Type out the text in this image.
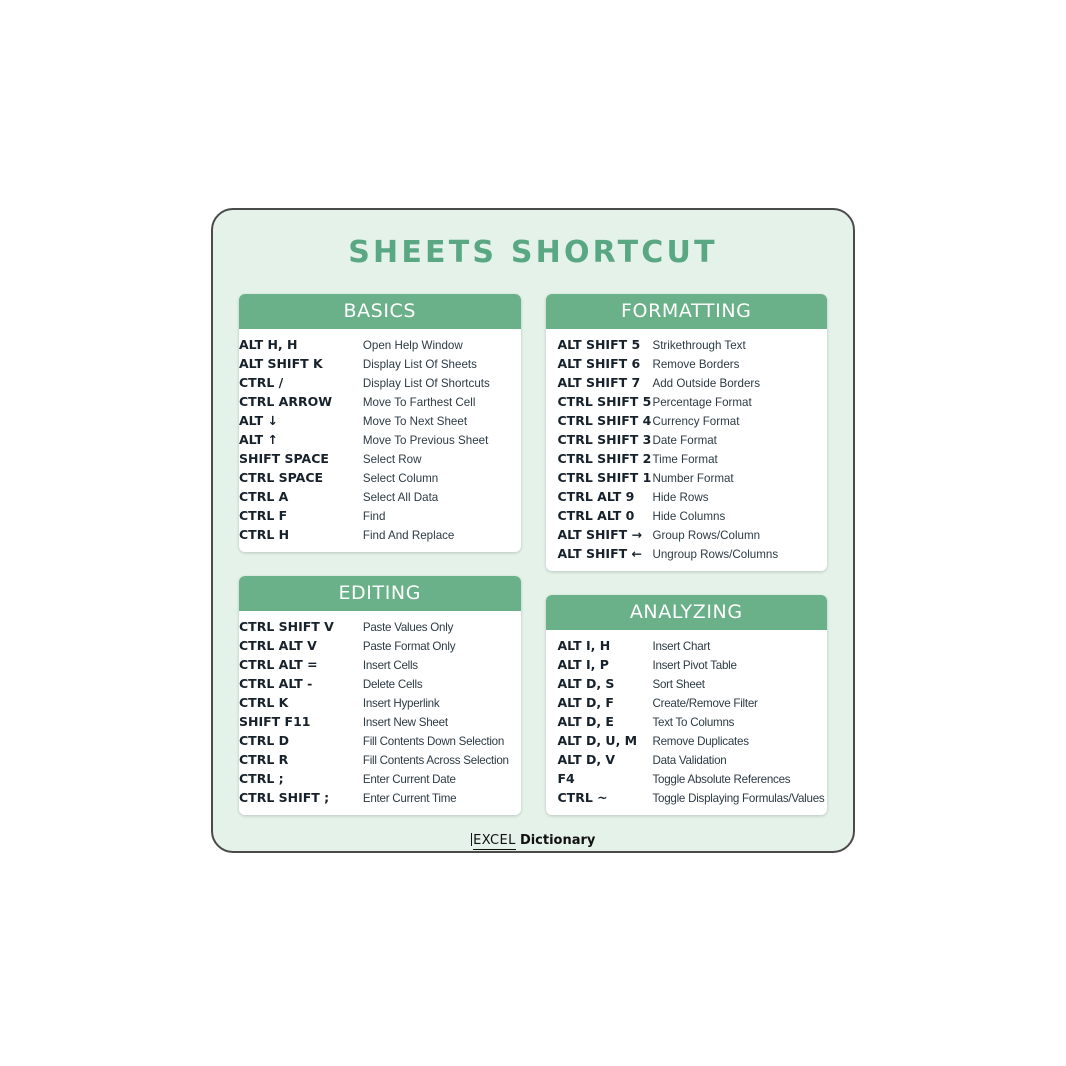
SHEETS SHORTCUT
BASICS
ALT H, H	Open Help Window
ALT SHIFT K	Display List Of Sheets
CTRL /	Display List Of Shortcuts
CTRL ARROW	Move To Farthest Cell
ALT ↓	Move To Next Sheet
ALT ↑	Move To Previous Sheet
SHIFT SPACE	Select Row
CTRL SPACE	Select Column
CTRL A	Select All Data
CTRL F	Find
CTRL H	Find And Replace
EDITING
CTRL SHIFT V	Paste Values Only
CTRL ALT V	Paste Format Only
CTRL ALT =	Insert Cells
CTRL ALT -	Delete Cells
CTRL K	Insert Hyperlink
SHIFT F11	Insert New Sheet
CTRL D	Fill Contents Down Selection
CTRL R	Fill Contents Across Selection
CTRL ;	Enter Current Date
CTRL SHIFT ;	Enter Current Time
FORMATTING
ALT SHIFT 5	Strikethrough Text
ALT SHIFT 6	Remove Borders
ALT SHIFT 7	Add Outside Borders
CTRL SHIFT 5	Percentage Format
CTRL SHIFT 4	Currency Format
CTRL SHIFT 3	Date Format
CTRL SHIFT 2	Time Format
CTRL SHIFT 1	Number Format
CTRL ALT 9	Hide Rows
CTRL ALT 0	Hide Columns
ALT SHIFT →	Group Rows/Column
ALT SHIFT ←	Ungroup Rows/Columns
ANALYZING
ALT I, H	Insert Chart
ALT I, P	Insert Pivot Table
ALT D, S	Sort Sheet
ALT D, F	Create/Remove Filter
ALT D, E	Text To Columns
ALT D, U, M	Remove Duplicates
ALT D, V	Data Validation
F4	Toggle Absolute References
CTRL ~	Toggle Displaying Formulas/Values
EXCEL Dictionary
